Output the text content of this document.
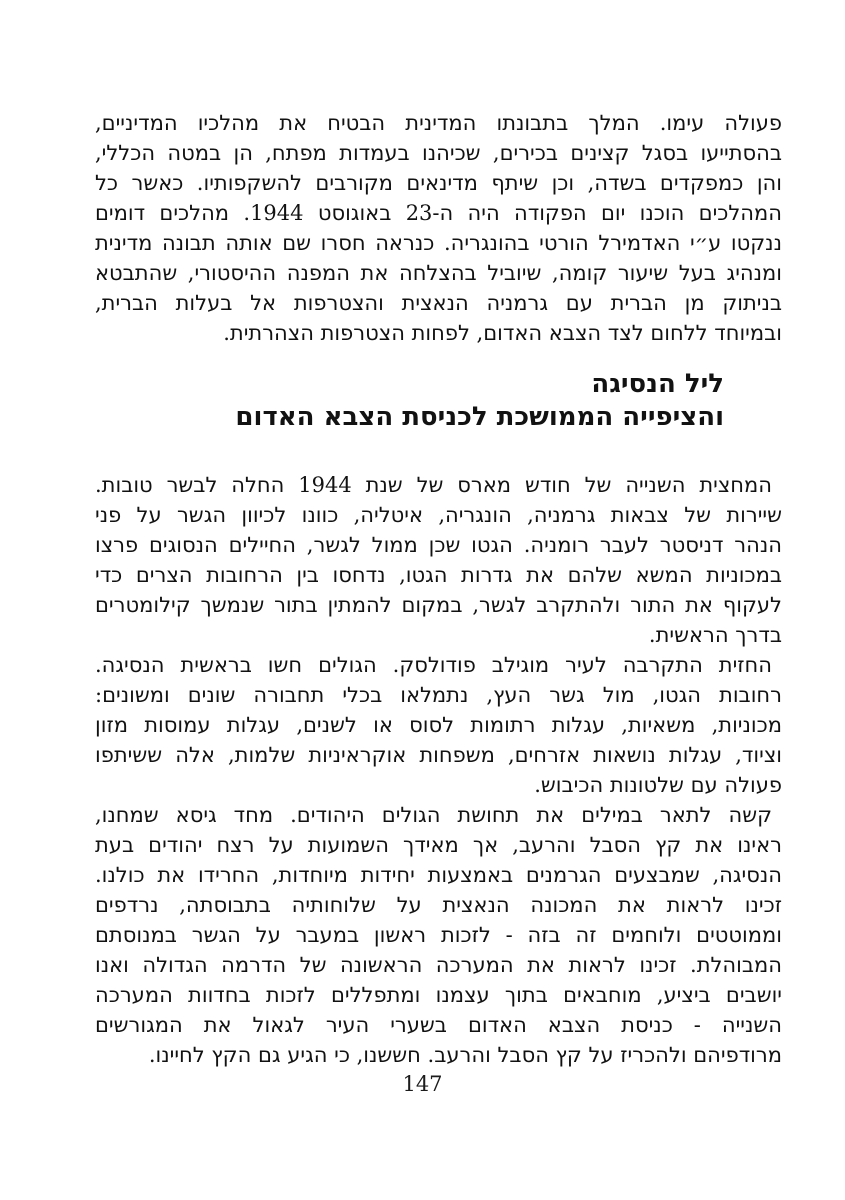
פעולה עימו. המלך בתבונתו המדינית הבטיח את מהלכיו המדיניים,
בהסתייעו בסגל קצינים בכירים, שכיהנו בעמדות מפתח, הן במטה הכללי,
והן כמפקדים בשדה, וכן שיתף מדינאים מקורבים להשקפותיו. כאשר כל
המהלכים הוכנו יום הפקודה היה ה-23 באוגוסט 1944. מהלכים דומים
ננקטו ע״י האדמירל הורטי בהונגריה. כנראה חסרו שם אותה תבונה מדינית
ומנהיג בעל שיעור קומה, שיוביל בהצלחה את המפנה ההיסטורי, שהתבטא
בניתוק מן הברית עם גרמניה הנאצית והצטרפות אל בעלות הברית,
ובמיוחד ללחום לצד הצבא האדום, לפחות הצטרפות הצהרתית.
ליל הנסיגה
והציפייה הממושכת לכניסת הצבא האדום
המחצית השנייה של חודש מארס של שנת 1944 החלה לבשר טובות.
שיירות של צבאות גרמניה, הונגריה, איטליה, כוונו לכיוון הגשר על פני
הנהר דניסטר לעבר רומניה. הגטו שכן ממול לגשר, החיילים הנסוגים פרצו
במכוניות המשא שלהם את גדרות הגטו, נדחסו בין הרחובות הצרים כדי
לעקוף את התור ולהתקרב לגשר, במקום להמתין בתור שנמשך קילומטרים
בדרך הראשית.
החזית התקרבה לעיר מוגילב פודולסק. הגולים חשו בראשית הנסיגה.
רחובות הגטו, מול גשר העץ, נתמלאו בכלי תחבורה שונים ומשונים:
מכוניות, משאיות, עגלות רתומות לסוס או לשנים, עגלות עמוסות מזון
וציוד, עגלות נושאות אזרחים, משפחות אוקראיניות שלמות, אלה ששיתפו
פעולה עם שלטונות הכיבוש.
קשה לתאר במילים את תחושת הגולים היהודים. מחד גיסא שמחנו,
ראינו את קץ הסבל והרעב, אך מאידך השמועות על רצח יהודים בעת
הנסיגה, שמבצעים הגרמנים באמצעות יחידות מיוחדות, החרידו את כולנו.
זכינו לראות את המכונה הנאצית על שלוחותיה בתבוסתה, נרדפים
וממוטטים ולוחמים זה בזה - לזכות ראשון במעבר על הגשר במנוסתם
המבוהלת. זכינו לראות את המערכה הראשונה של הדרמה הגדולה ואנו
יושבים ביציע, מוחבאים בתוך עצמנו ומתפללים לזכות בחדוות המערכה
השנייה - כניסת הצבא האדום בשערי העיר לגאול את המגורשים
מרודפיהם ולהכריז על קץ הסבל והרעב. חששנו, כי הגיע גם הקץ לחיינו.
147
